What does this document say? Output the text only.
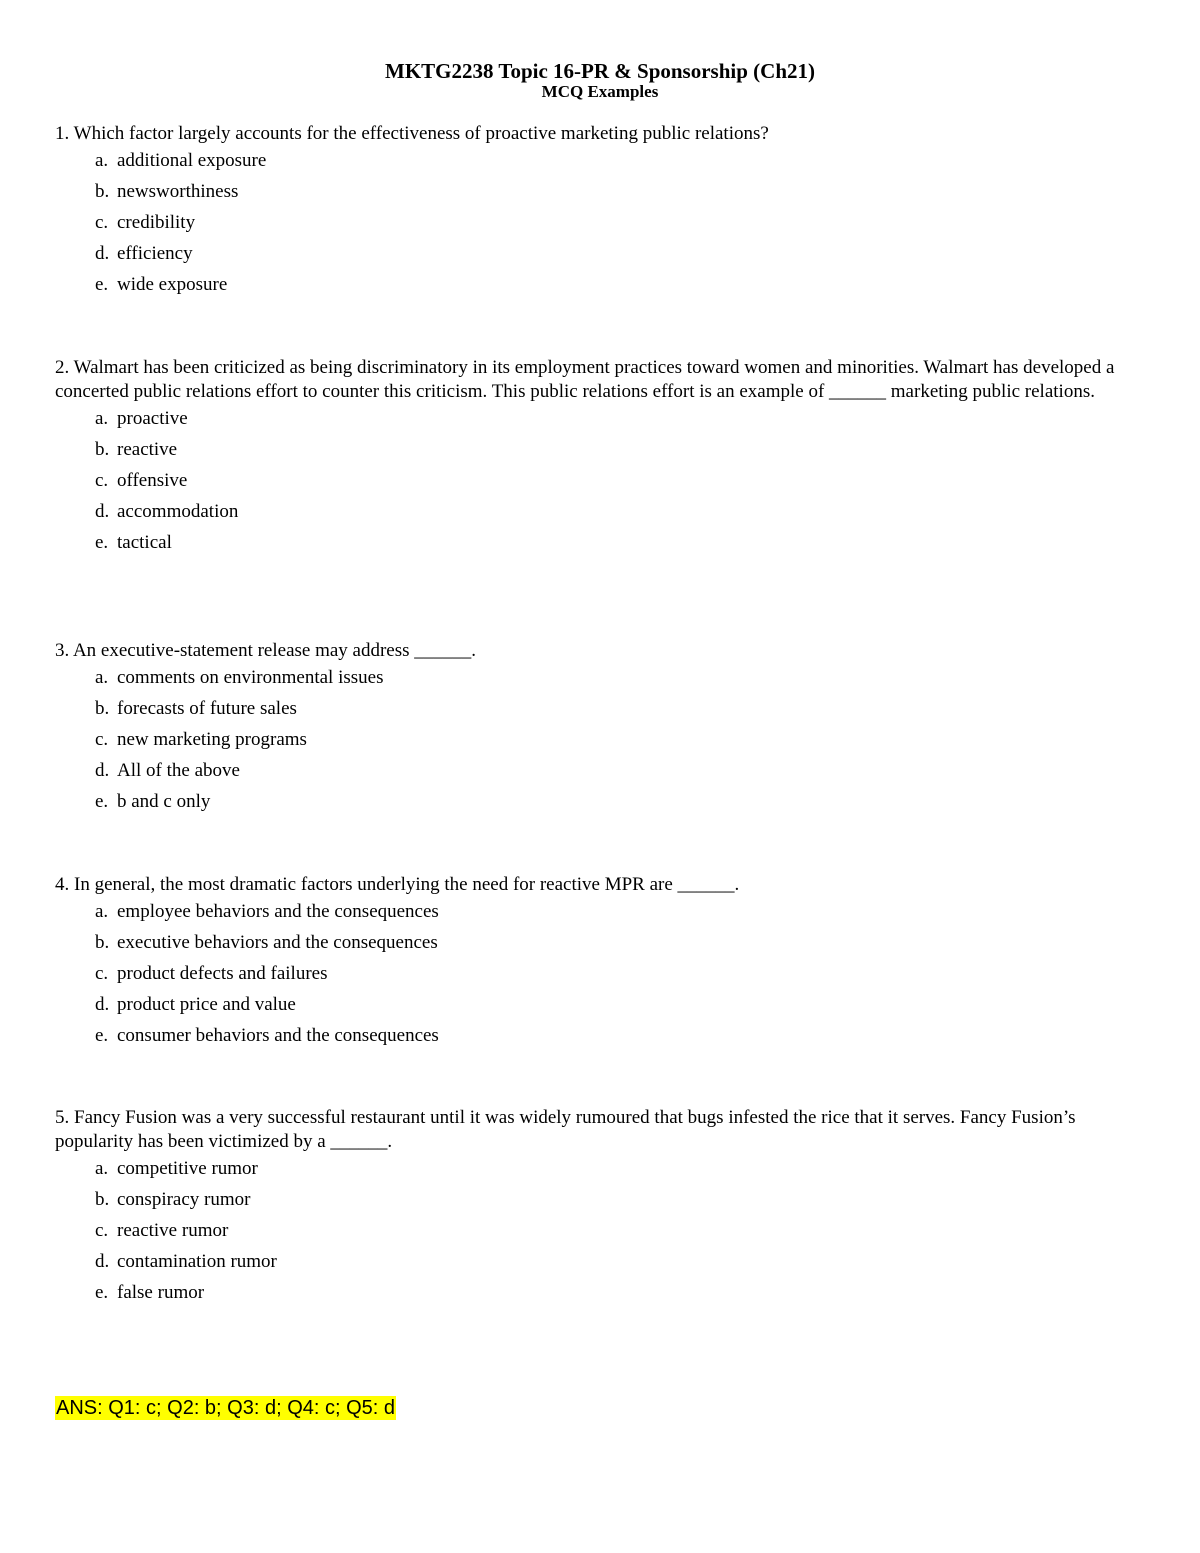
MKTG2238 Topic 16-PR & Sponsorship (Ch21)
MCQ Examples

1. Which factor largely accounts for the effectiveness of proactive marketing public relations?

a. additional exposure
b. newsworthiness
c. credibility
d. efficiency
e. wide exposure

2. Walmart has been criticized as being discriminatory in its employment practices toward women and minorities. Walmart has developed a concerted public relations effort to counter this criticism. This public relations effort is an example of ______ marketing public relations.

a. proactive
b. reactive
c. offensive
d. accommodation
e. tactical

3. An executive-statement release may address ______.

a. comments on environmental issues
b. forecasts of future sales
c. new marketing programs
d. All of the above
e. b and c only

4. In general, the most dramatic factors underlying the need for reactive MPR are ______.

a. employee behaviors and the consequences
b. executive behaviors and the consequences
c. product defects and failures
d. product price and value
e. consumer behaviors and the consequences

5. Fancy Fusion was a very successful restaurant until it was widely rumoured that bugs infested the rice that it serves. Fancy Fusion’s popularity has been victimized by a ______.

a. competitive rumor
b. conspiracy rumor
c. reactive rumor
d. contamination rumor
e. false rumor
ANS: Q1: c; Q2: b; Q3: d; Q4: c; Q5: d
